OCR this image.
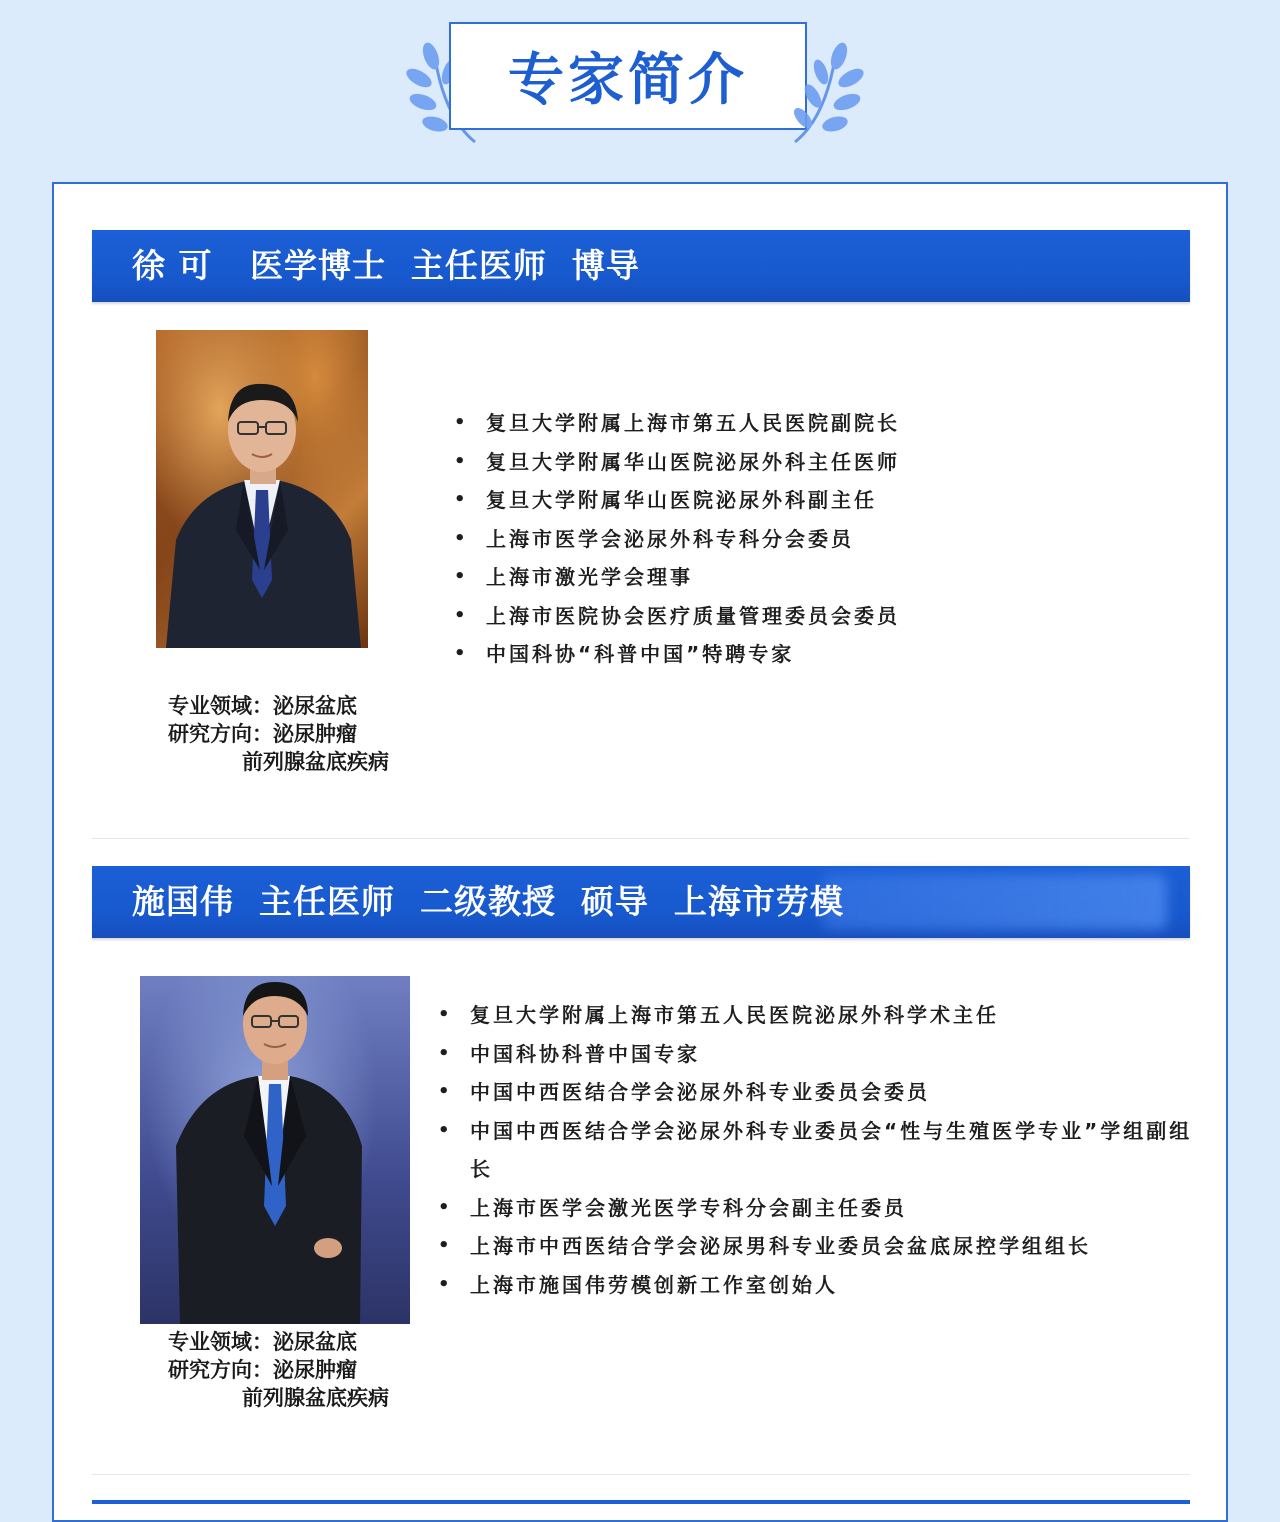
专家简介
徐 可   医学博士  主任医师  博导
• 复旦大学附属上海市第五人民医院副院长
• 复旦大学附属华山医院泌尿外科主任医师
• 复旦大学附属华山医院泌尿外科副主任
• 上海市医学会泌尿外科专科分会委员
• 上海市激光学会理事
• 上海市医院协会医疗质量管理委员会委员
• 中国科协“科普中国”特聘专家
专业领域：泌尿盆底
研究方向：泌尿肿瘤
前列腺盆底疾病
施国伟  主任医师  二级教授  硕导  上海市劳模
• 复旦大学附属上海市第五人民医院泌尿外科学术主任
• 中国科协科普中国专家
• 中国中西医结合学会泌尿外科专业委员会委员
• 中国中西医结合学会泌尿外科专业委员会“性与生殖医学专业”学组副组长
• 上海市医学会激光医学专科分会副主任委员
• 上海市中西医结合学会泌尿男科专业委员会盆底尿控学组组长
• 上海市施国伟劳模创新工作室创始人
专业领域：泌尿盆底
研究方向：泌尿肿瘤
前列腺盆底疾病
